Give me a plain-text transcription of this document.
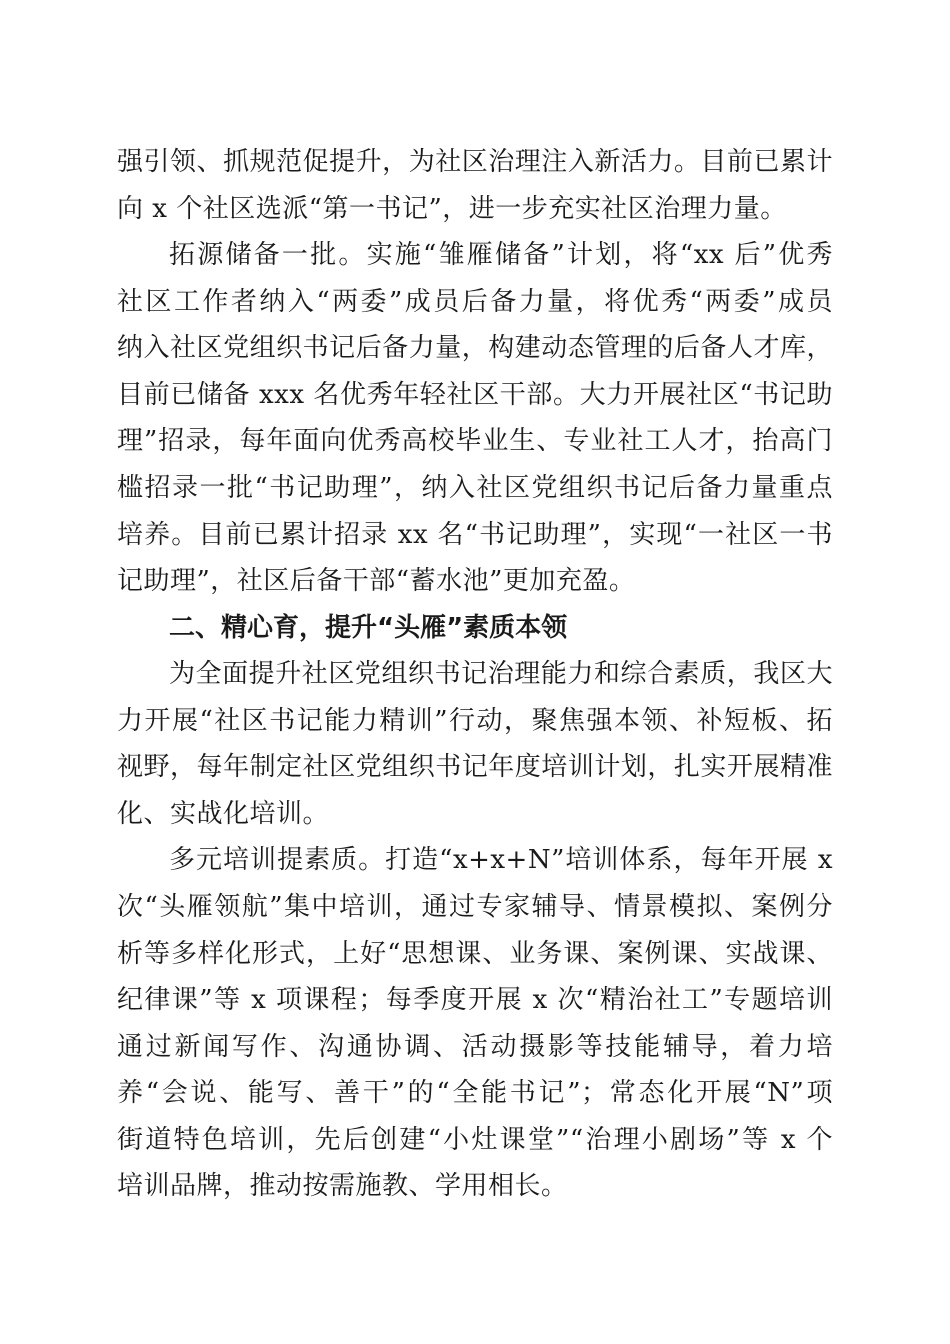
强引领、抓规范促提升，为社区治理注入新活力。目前已累计
向 x 个社区选派“第一书记”，进一步充实社区治理力量。
拓源储备一批。实施“雏雁储备”计划，将“xx 后”优秀
社区工作者纳入“两委”成员后备力量，将优秀“两委”成员
纳入社区党组织书记后备力量，构建动态管理的后备人才库，
目前已储备 xxx 名优秀年轻社区干部。大力开展社区“书记助
理”招录，每年面向优秀高校毕业生、专业社工人才，抬高门
槛招录一批“书记助理”，纳入社区党组织书记后备力量重点
培养。目前已累计招录 xx 名“书记助理”，实现“一社区一书
记助理”，社区后备干部“蓄水池”更加充盈。
二、精心育，提升“头雁”素质本领
为全面提升社区党组织书记治理能力和综合素质，我区大
力开展“社区书记能力精训”行动，聚焦强本领、补短板、拓
视野，每年制定社区党组织书记年度培训计划，扎实开展精准
化、实战化培训。
多元培训提素质。打造“x+x+N”培训体系，每年开展 x
次“头雁领航”集中培训，通过专家辅导、情景模拟、案例分
析等多样化形式，上好“思想课、业务课、案例课、实战课、
纪律课”等 x 项课程；每季度开展 x 次“精治社工”专题培训
通过新闻写作、沟通协调、活动摄影等技能辅导，着力培
养“会说、能写、善干”的“全能书记”；常态化开展“N”项
街道特色培训，先后创建“小灶课堂”“治理小剧场”等 x 个
培训品牌，推动按需施教、学用相长。
